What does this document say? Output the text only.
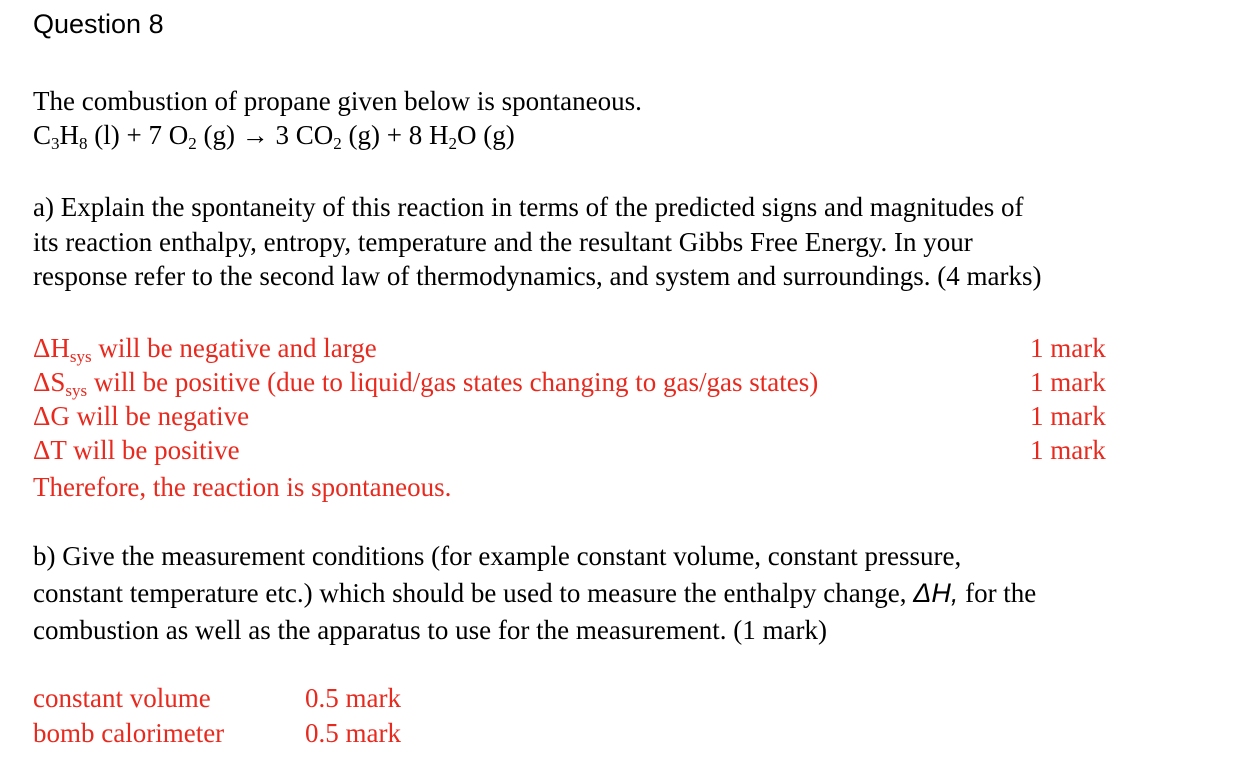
Question 8
The combustion of propane given below is spontaneous.
C3H8 (l) + 7 O2 (g) → 3 CO2 (g) + 8 H2O (g)
a) Explain the spontaneity of this reaction in terms of the predicted signs and magnitudes of
its reaction enthalpy, entropy, temperature and the resultant Gibbs Free Energy. In your
response refer to the second law of thermodynamics, and system and surroundings. (4 marks)
ΔHsys will be negative and large	1 mark
ΔSsys will be positive (due to liquid/gas states changing to gas/gas states)	1 mark
ΔG will be negative	1 mark
ΔT will be positive	1 mark
Therefore, the reaction is spontaneous.
b) Give the measurement conditions (for example constant volume, constant pressure,
constant temperature etc.) which should be used to measure the enthalpy change, ΔH, for the
combustion as well as the apparatus to use for the measurement. (1 mark)
constant volume	0.5 mark
bomb calorimeter	0.5 mark
